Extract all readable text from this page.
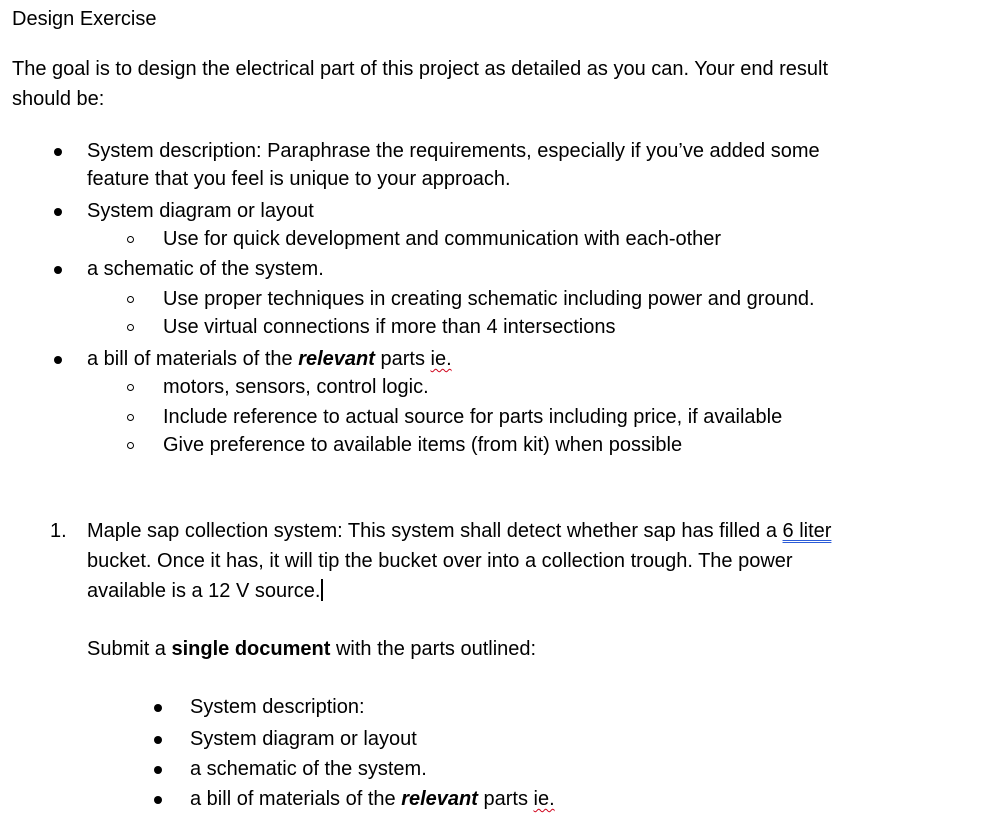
Design Exercise
The goal is to design the electrical part of this project as detailed as you can. Your end result
should be:
System description: Paraphrase the requirements, especially if you’ve added some
feature that you feel is unique to your approach.
System diagram or layout
Use for quick development and communication with each-other
a schematic of the system.
Use proper techniques in creating schematic including power and ground.
Use virtual connections if more than 4 intersections
a bill of materials of the relevant parts ie.
motors, sensors, control logic.
Include reference to actual source for parts including price, if available
Give preference to available items (from kit) when possible
1. Maple sap collection system: This system shall detect whether sap has filled a 6 liter
bucket. Once it has, it will tip the bucket over into a collection trough. The power
available is a 12 V source.
Submit a single document with the parts outlined:
System description:
System diagram or layout
a schematic of the system.
a bill of materials of the relevant parts ie.
